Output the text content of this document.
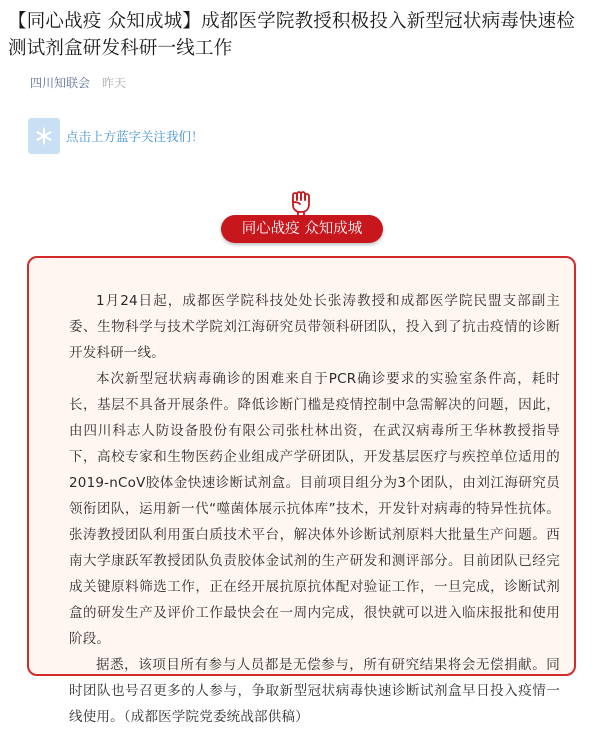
【同心战疫 众知成城】成都医学院教授积极投入新型冠状病毒快速检测试剂盒研发科研一线工作
四川知联会 昨天
点击上方蓝字关注我们！
同心战疫 众知成城

1月24日起，成都医学院科技处处长张涛教授和成都医学院民盟支部副主委、生物科学与技术学院刘江海研究员带领科研团队，投入到了抗击疫情的诊断开发科研一线。

本次新型冠状病毒确诊的困难来自于PCR确诊要求的实验室条件高，耗时长，基层不具备开展条件。降低诊断门槛是疫情控制中急需解决的问题，因此，由四川科志人防设备股份有限公司张杜林出资，在武汉病毒所王华林教授指导下，高校专家和生物医药企业组成产学研团队，开发基层医疗与疾控单位适用的2019-nCoV胶体金快速诊断试剂盒。目前项目组分为3个团队，由刘江海研究员领衔团队，运用新一代“噬菌体展示抗体库”技术，开发针对病毒的特异性抗体。张涛教授团队利用蛋白质技术平台，解决体外诊断试剂原料大批量生产问题。西南大学康跃军教授团队负责胶体金试剂的生产研发和测评部分。目前团队已经完成关键原料筛选工作，正在经开展抗原抗体配对验证工作，一旦完成，诊断试剂盒的研发生产及评价工作最快会在一周内完成，很快就可以进入临床报批和使用阶段。

据悉，该项目所有参与人员都是无偿参与，所有研究结果将会无偿捐献。同时团队也号召更多的人参与，争取新型冠状病毒快速诊断试剂盒早日投入疫情一线使用。（成都医学院党委统战部供稿）
